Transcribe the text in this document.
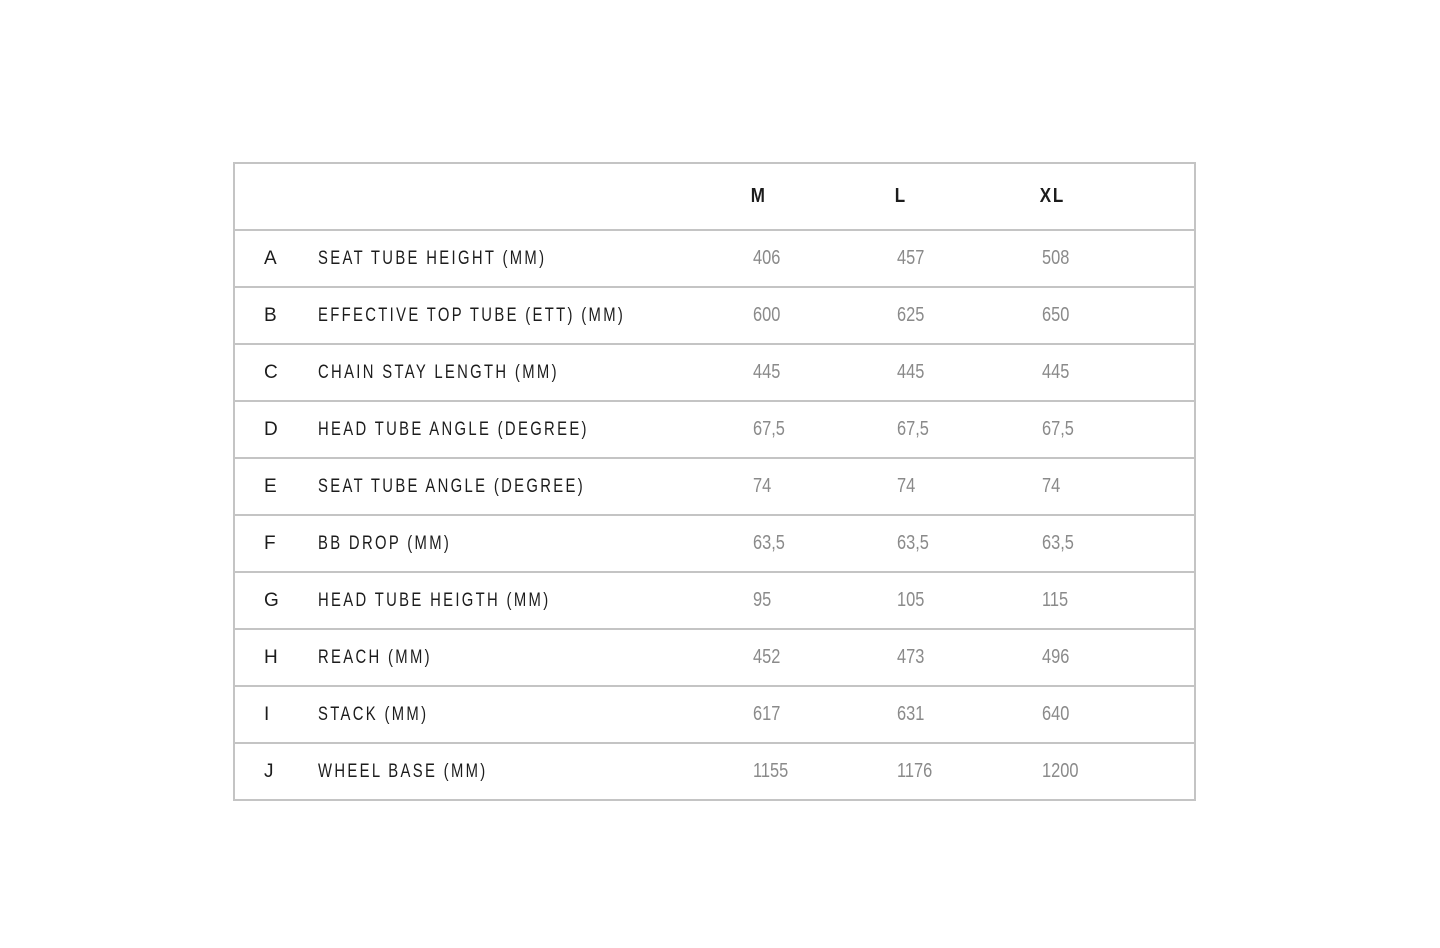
		M	L	XL
A	SEAT TUBE HEIGHT (MM)	406	457	508
B	EFFECTIVE TOP TUBE (ETT) (MM)	600	625	650
C	CHAIN STAY LENGTH (MM)	445	445	445
D	HEAD TUBE ANGLE (DEGREE)	67,5	67,5	67,5
E	SEAT TUBE ANGLE (DEGREE)	74	74	74
F	BB DROP (MM)	63,5	63,5	63,5
G	HEAD TUBE HEIGTH (MM)	95	105	115
H	REACH (MM)	452	473	496
I	STACK (MM)	617	631	640
J	WHEEL BASE (MM)	1155	1176	1200
